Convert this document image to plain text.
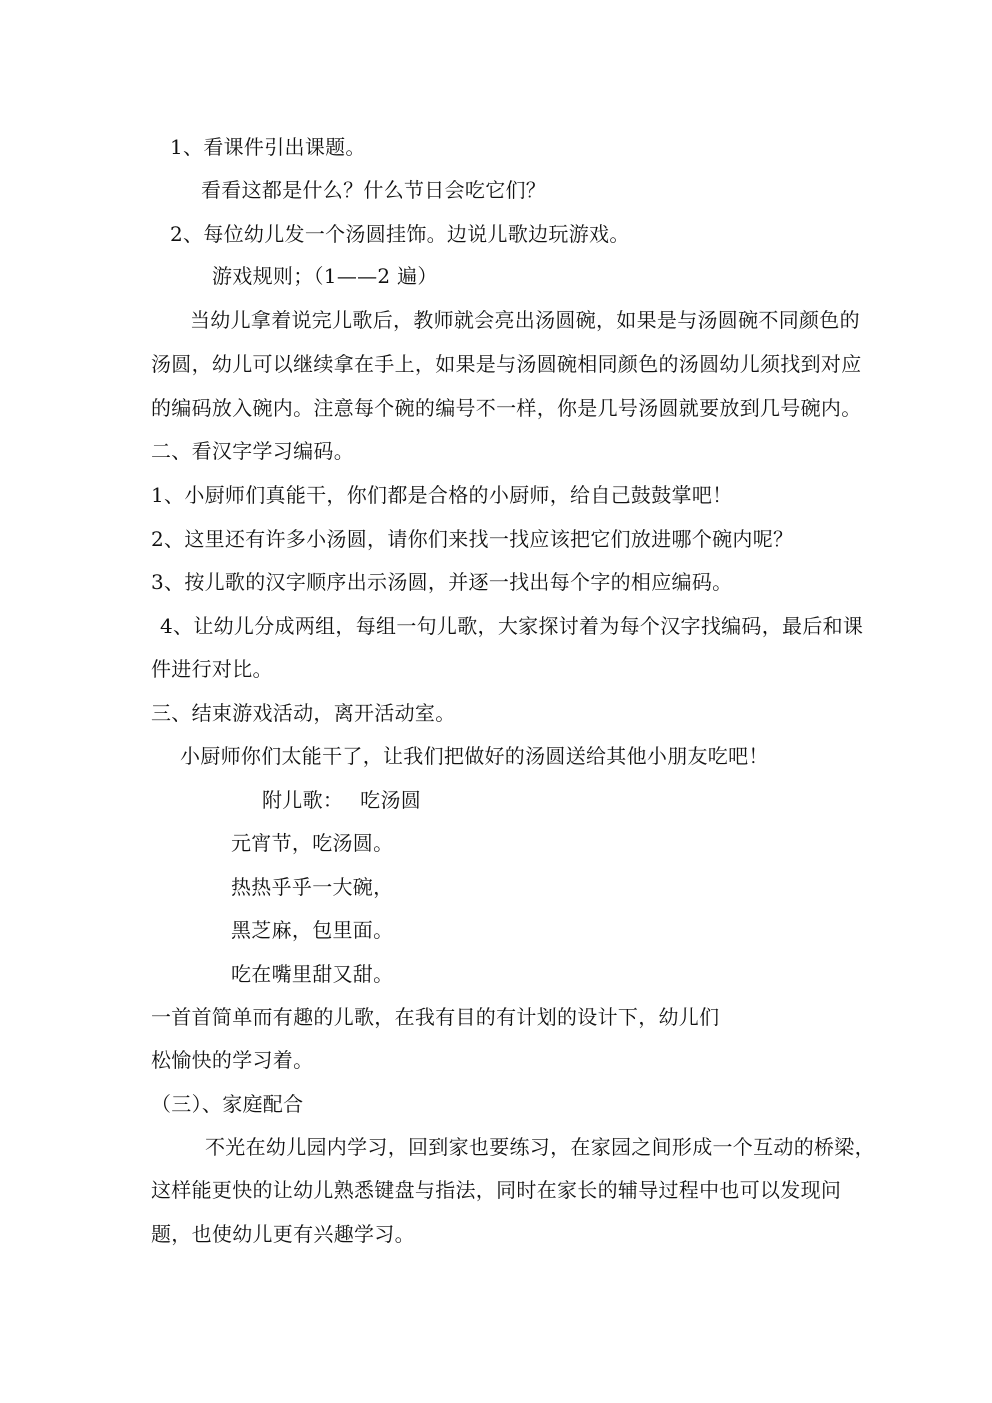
1、看课件引出课题。
看看这都是什么？什么节日会吃它们？
2、每位幼儿发一个汤圆挂饰。边说儿歌边玩游戏。
游戏规则；（1——2 遍）
当幼儿拿着说完儿歌后，教师就会亮出汤圆碗，如果是与汤圆碗不同颜色的
汤圆，幼儿可以继续拿在手上，如果是与汤圆碗相同颜色的汤圆幼儿须找到对应
的编码放入碗内。注意每个碗的编号不一样，你是几号汤圆就要放到几号碗内。
二、看汉字学习编码。
1、小厨师们真能干，你们都是合格的小厨师，给自己鼓鼓掌吧！
2、这里还有许多小汤圆，请你们来找一找应该把它们放进哪个碗内呢？
3、按儿歌的汉字顺序出示汤圆，并逐一找出每个字的相应编码。
4、让幼儿分成两组，每组一句儿歌，大家探讨着为每个汉字找编码，最后和课
件进行对比。
三、结束游戏活动，离开活动室。
小厨师你们太能干了，让我们把做好的汤圆送给其他小朋友吃吧！
附儿歌：　 吃汤圆
元宵节，吃汤圆。
热热乎乎一大碗，
黑芝麻，包里面。
吃在嘴里甜又甜。
一首首简单而有趣的儿歌，在我有目的有计划的设计下，幼儿们
松愉快的学习着。
（三）、家庭配合
不光在幼儿园内学习，回到家也要练习，在家园之间形成一个互动的桥梁，
这样能更快的让幼儿熟悉键盘与指法，同时在家长的辅导过程中也可以发现问
题，也使幼儿更有兴趣学习。
